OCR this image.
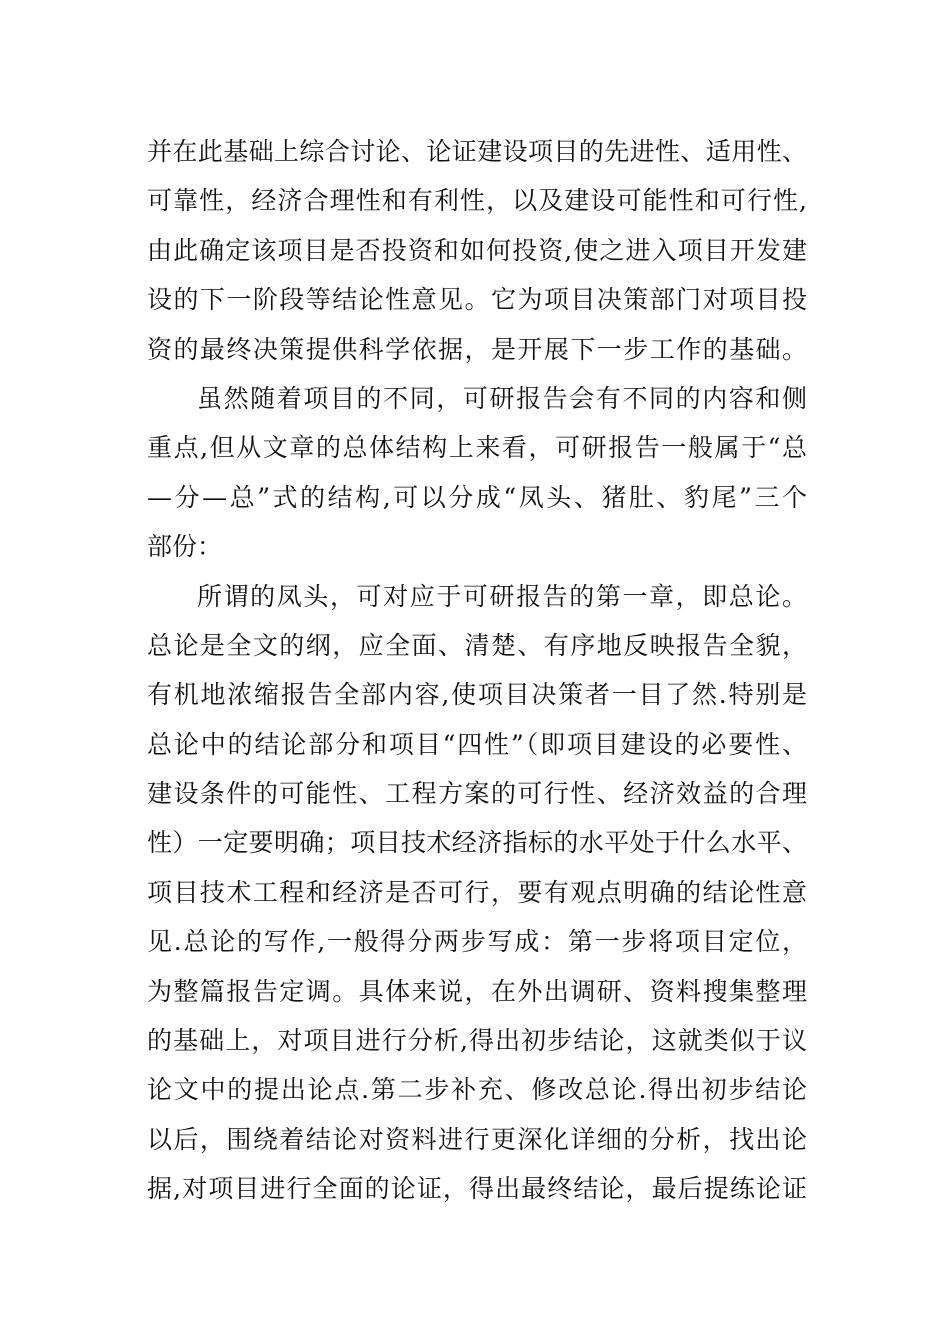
并在此基础上综合讨论、论证建设项目的先进性、适用性、
可靠性，经济合理性和有利性，以及建设可能性和可行性,
由此确定该项目是否投资和如何投资,使之进入项目开发建
设的下一阶段等结论性意见。它为项目决策部门对项目投
资的最终决策提供科学依据，是开展下一步工作的基础。
虽然随着项目的不同，可研报告会有不同的内容和侧
重点,但从文章的总体结构上来看，可研报告一般属于“总
—分—总”式的结构,可以分成“凤头、猪肚、豹尾”三个
部份：
所谓的凤头，可对应于可研报告的第一章，即总论。
总论是全文的纲，应全面、清楚、有序地反映报告全貌，
有机地浓缩报告全部内容,使项目决策者一目了然.特别是
总论中的结论部分和项目“四性”（即项目建设的必要性、
建设条件的可能性、工程方案的可行性、经济效益的合理
性）一定要明确；项目技术经济指标的水平处于什么水平、
项目技术工程和经济是否可行，要有观点明确的结论性意
见.总论的写作,一般得分两步写成：第一步将项目定位，
为整篇报告定调。具体来说，在外出调研、资料搜集整理
的基础上，对项目进行分析,得出初步结论，这就类似于议
论文中的提出论点.第二步补充、修改总论.得出初步结论
以后，围绕着结论对资料进行更深化详细的分析，找出论
据,对项目进行全面的论证，得出最终结论，最后提练论证
